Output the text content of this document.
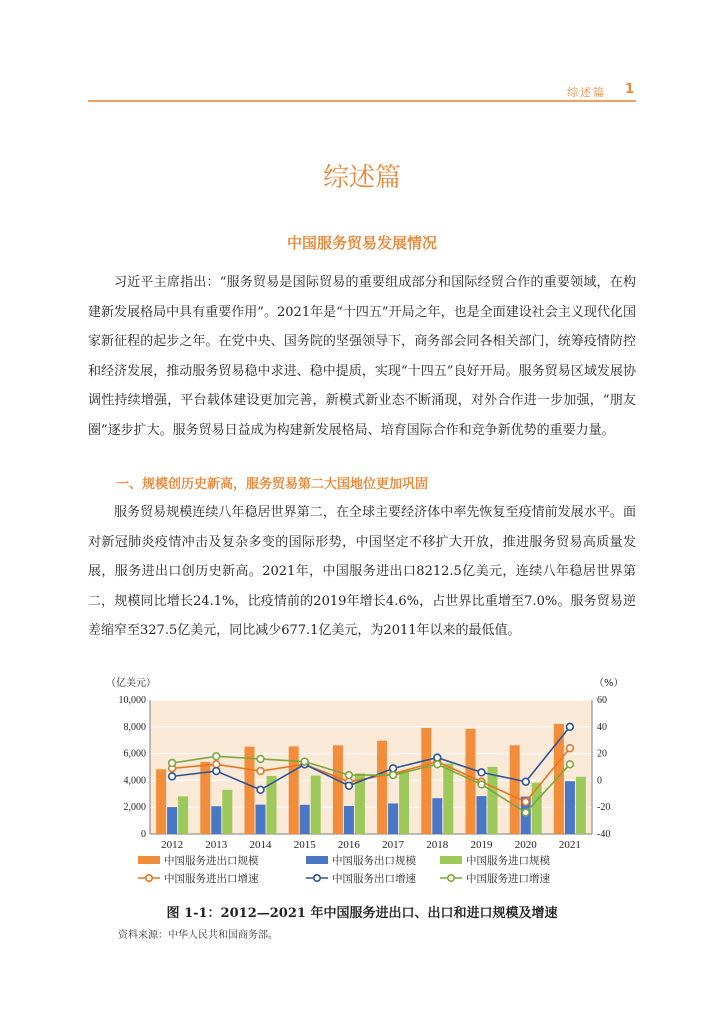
综述篇 1
综述篇
中国服务贸易发展情况

习近平主席指出：“服务贸易是国际贸易的重要组成部分和国际经贸合作的重要领域，在构建新发展格局中具有重要作用”。2021年是“十四五”开局之年，也是全面建设社会主义现代化国家新征程的起步之年。在党中央、国务院的坚强领导下，商务部会同各相关部门，统筹疫情防控和经济发展，推动服务贸易稳中求进、稳中提质，实现“十四五”良好开局。服务贸易区域发展协调性持续增强，平台载体建设更加完善，新模式新业态不断涌现，对外合作进一步加强，“朋友圈”逐步扩大。服务贸易日益成为构建新发展格局、培育国际合作和竞争新优势的重要力量。

一、规模创历史新高，服务贸易第二大国地位更加巩固

服务贸易规模连续八年稳居世界第二，在全球主要经济体中率先恢复至疫情前发展水平。面对新冠肺炎疫情冲击及复杂多变的国际形势，中国坚定不移扩大开放，推进服务贸易高质量发展，服务进出口创历史新高。2021年，中国服务进出口8212.5亿美元，连续八年稳居世界第二，规模同比增长24.1%，比疫情前的2019年增长4.6%，占世界比重增至7.0%。服务贸易逆差缩窄至327.5亿美元，同比减少677.1亿美元，为2011年以来的最低值。

0
2,000
4,000
6,000
8,000
10,000
-40
-20
0
20
40
60
（亿美元）	（%）
2012 2013 2014 2015 2016 2017 2018 2019 2020 2021
中国服务进出口规模	中国服务出口规模	中国服务进口规模
中国服务进出口增速	中国服务出口增速	中国服务进口增速
图 1-1：2012—2021 年中国服务进出口、出口和进口规模及增速
资料来源：中华人民共和国商务部。
